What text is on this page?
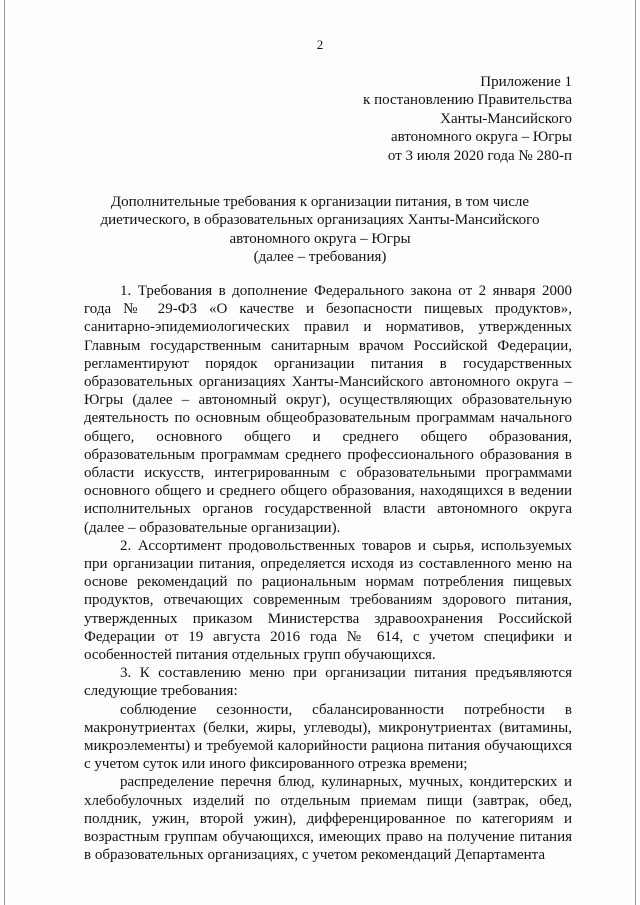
2
Приложение 1
к постановлению Правительства
Ханты-Мансийского
автономного округа – Югры
от 3 июля 2020 года № 280-п
Дополнительные требования к организации питания, в том числе
диетического, в образовательных организациях Ханты-Мансийского
автономного округа – Югры
(далее – требования)

1. Требования в дополнение Федерального закона от 2 января 2000 года № 29-ФЗ «О качестве и безопасности пищевых продуктов», санитарно-эпидемиологических правил и нормативов, утвержденных Главным государственным санитарным врачом Российской Федерации, регламентируют порядок организации питания в государственных образовательных организациях Ханты-Мансийского автономного округа – Югры (далее – автономный округ), осуществляющих образовательную деятельность по основным общеобразовательным программам начального общего, основного общего и среднего общего образования, образовательным программам среднего профессионального образования в области искусств, интегрированным с образовательными программами основного общего и среднего общего образования, находящихся в ведении исполнительных органов государственной власти автономного округа (далее – образовательные организации).

2. Ассортимент продовольственных товаров и сырья, используемых при организации питания, определяется исходя из составленного меню на основе рекомендаций по рациональным нормам потребления пищевых продуктов, отвечающих современным требованиям здорового питания, утвержденных приказом Министерства здравоохранения Российской Федерации от 19 августа 2016 года № 614, с учетом специфики и особенностей питания отдельных групп обучающихся.

3. К составлению меню при организации питания предъявляются следующие требования:

соблюдение сезонности, сбалансированности потребности в макронутриентах (белки, жиры, углеводы), микронутриентах (витамины, микроэлементы) и требуемой калорийности рациона питания обучающихся с учетом суток или иного фиксированного отрезка времени;

распределение перечня блюд, кулинарных, мучных, кондитерских и хлебобулочных изделий по отдельным приемам пищи (завтрак, обед, полдник, ужин, второй ужин), дифференцированное по категориям и возрастным группам обучающихся, имеющих право на получение питания в образовательных организациях, с учетом рекомендаций Департамента
